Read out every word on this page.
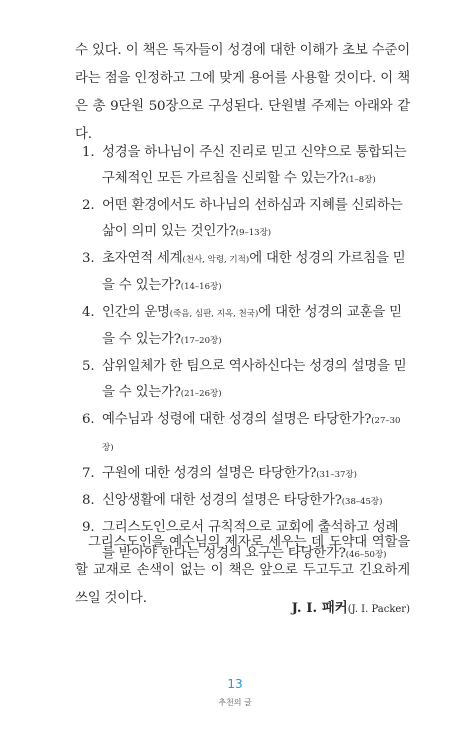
수 있다. 이 책은 독자들이 성경에 대한 이해가 초보 수준이라는 점을 인정하고 그에 맞게 용어를 사용할 것이다. 이 책은 총 9단원 50장으로 구성된다. 단원별 주제는 아래와 같다.

1. 성경을 하나님이 주신 진리로 믿고 신약으로 통합되는 구체적인 모든 가르침을 신뢰할 수 있는가?(1–8장)
2. 어떤 환경에서도 하나님의 선하심과 지혜를 신뢰하는 삶이 의미 있는 것인가?(9–13장)
3. 초자연적 세계(천사, 악령, 기적)에 대한 성경의 가르침을 믿을 수 있는가?(14–16장)
4. 인간의 운명(죽음, 심판, 지옥, 천국)에 대한 성경의 교훈을 믿을 수 있는가?(17–20장)
5. 삼위일체가 한 팀으로 역사하신다는 성경의 설명을 믿을 수 있는가?(21–26장)
6. 예수님과 성령에 대한 성경의 설명은 타당한가?(27–30장)
7. 구원에 대한 성경의 설명은 타당한가?(31–37장)
8. 신앙생활에 대한 성경의 설명은 타당한가?(38–45장)
9. 그리스도인으로서 규칙적으로 교회에 출석하고 성례를 받아야 한다는 성경의 요구는 타당한가?(46–50장)

그리스도인을 예수님의 제자로 세우는 데 도약대 역할을 할 교재로 손색이 없는 이 책은 앞으로 두고두고 긴요하게 쓰일 것이다.

J. I. 패커(J. I. Packer)
13
추천의 글
